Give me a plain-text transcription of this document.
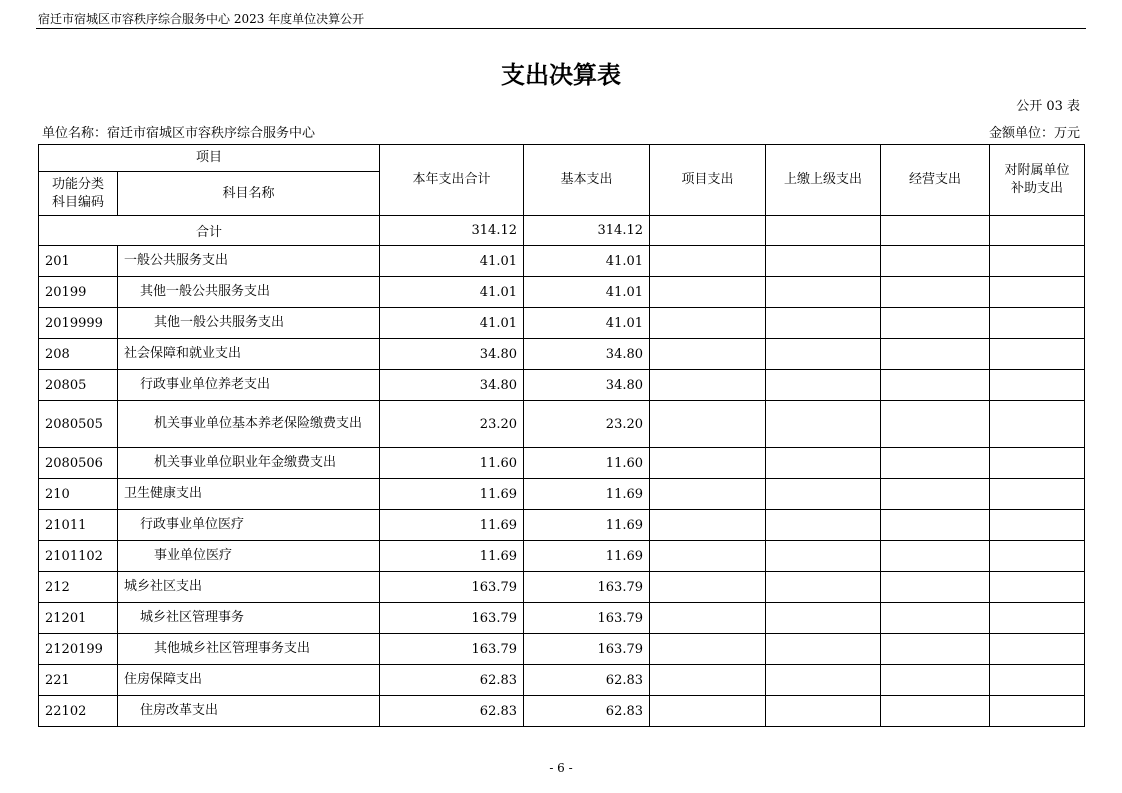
宿迁市宿城区市容秩序综合服务中心 2023 年度单位决算公开
支出决算表
公开 03 表
单位名称：宿迁市宿城区市容秩序综合服务中心	金额单位：万元
项目		本年支出合计	基本支出	项目支出	上缴上级支出	经营支出	对附属单位
补助支出
功能分类
科目编码	科目名称						
合计		314.12	314.12				
201	一般公共服务支出	41.01	41.01				
20199	其他一般公共服务支出	41.01	41.01				
2019999	其他一般公共服务支出	41.01	41.01				
208	社会保障和就业支出	34.80	34.80				
20805	行政事业单位养老支出	34.80	34.80				
2080505	机关事业单位基本养老保险缴费支出	23.20	23.20				
2080506	机关事业单位职业年金缴费支出	11.60	11.60				
210	卫生健康支出	11.69	11.69				
21011	行政事业单位医疗	11.69	11.69				
2101102	事业单位医疗	11.69	11.69				
212	城乡社区支出	163.79	163.79				
21201	城乡社区管理事务	163.79	163.79				
2120199	其他城乡社区管理事务支出	163.79	163.79				
221	住房保障支出	62.83	62.83				
22102	住房改革支出	62.83	62.83				
- 6 -
